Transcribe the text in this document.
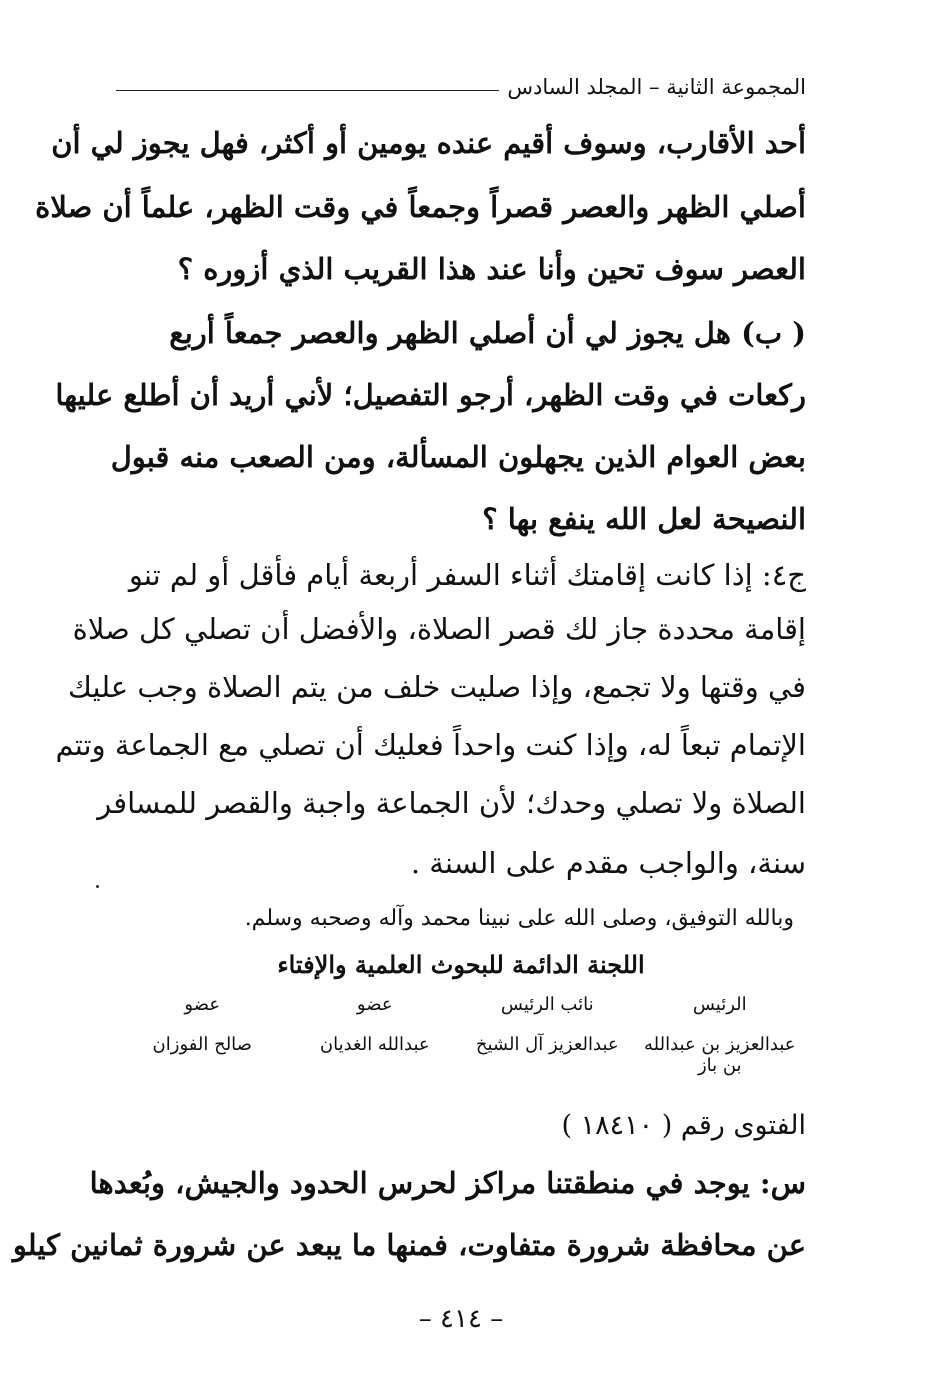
المجموعة الثانية – المجلد السادس
أحد الأقارب، وسوف أقيم عنده يومين أو أكثر، فهل يجوز لي أن
أصلي الظهر والعصر قصراً وجمعاً في وقت الظهر، علماً أن صلاة
العصر سوف تحين وأنا عند هذا القريب الذي أزوره ؟
( ب) هل يجوز لي أن أصلي الظهر والعصر جمعاً أربع
ركعات في وقت الظهر، أرجو التفصيل؛ لأني أريد أن أطلع عليها
بعض العوام الذين يجهلون المسألة، ومن الصعب منه قبول
النصيحة لعل الله ينفع بها ؟
ج٤: إذا كانت إقامتك أثناء السفر أربعة أيام فأقل أو لم تنو
إقامة محددة جاز لك قصر الصلاة، والأفضل أن تصلي كل صلاة
في وقتها ولا تجمع، وإذا صليت خلف من يتم الصلاة وجب عليك
الإتمام تبعاً له، وإذا كنت واحداً فعليك أن تصلي مع الجماعة وتتم
الصلاة ولا تصلي وحدك؛ لأن الجماعة واجبة والقصر للمسافر
سنة، والواجب مقدم على السنة .
وبالله التوفيق، وصلى الله على نبينا محمد وآله وصحبه وسلم.
اللجنة الدائمة للبحوث العلمية والإفتاء
الرئيس
نائب الرئيس
عضو
عضو
عبدالعزيز بن عبدالله بن باز
عبدالعزيز آل الشيخ
عبدالله الغديان
صالح الفوزان
الفتوى رقم ( ١٨٤١٠ )
س: يوجد في منطقتنا مراكز لحرس الحدود والجيش، وبُعدها
عن محافظة شرورة متفاوت، فمنها ما يبعد عن شرورة ثمانين كيلو
– ٤١٤ –
